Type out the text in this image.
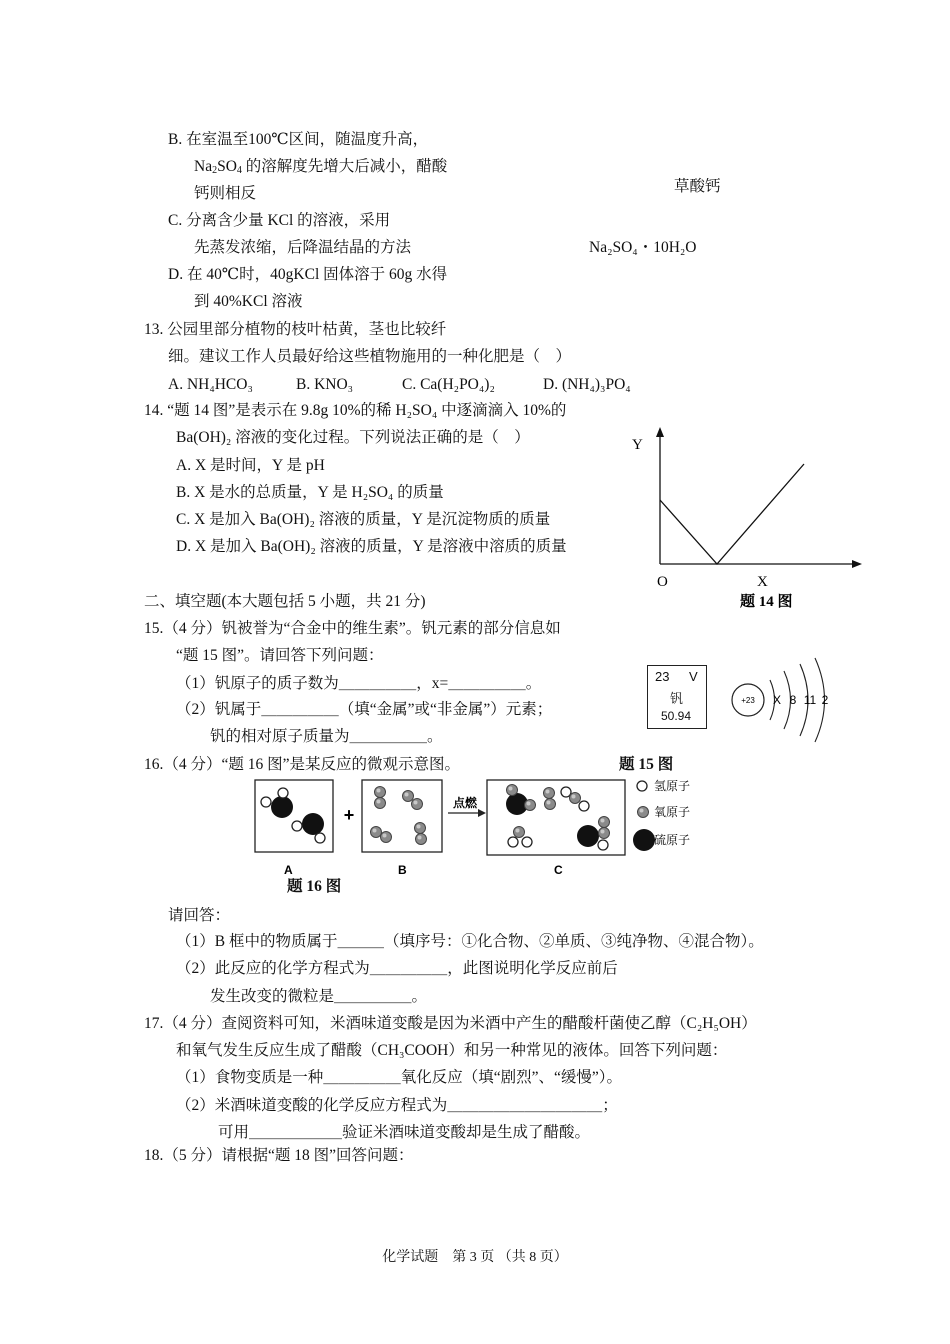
B. 在室温至100℃区间，随温度升高，
$Na_2SO_4$ 的溶解度先增大后减小，醋酸
钙则相反	草酸钙
C. 分离含少量 KCl 的溶液，采用
先蒸发浓缩，后降温结晶的方法	Na₂SO₄・10H₂O
D. 在 40℃时，40gKCl 固体溶于 60g 水得
到 40%KCl 溶液
13. 公园里部分植物的枝叶枯黄，茎也比较纤
细。建议工作人员最好给这些植物施用的一种化肥是（　）
A. NH₄HCO₃	B. KNO₃	C. Ca(H₂PO₄)₂	D. (NH₄)₃PO₄
14. “题 14 图”是表示在 9.8g 10%的稀 H₂SO₄ 中逐滴滴入 10%的
Ba(OH)₂ 溶液的变化过程。下列说法正确的是（　）
A. X 是时间，Y 是 pH
B. X 是水的总质量，Y 是 H₂SO₄ 的质量
C. X 是加入 Ba(OH)₂ 溶液的质量，Y 是沉淀物质的质量
D. X 是加入 Ba(OH)₂ 溶液的质量，Y 是溶液中溶质的质量
Y
O	X
题 14 图
二、填空题(本大题包括 5 小题，共 21 分)
15.（4 分）钒被誉为“合金中的维生素”。钒元素的部分信息如
“题 15 图”。请回答下列问题：
（1）钒原子的质子数为＿＿＿＿＿，x=＿＿＿＿＿。
（2）钒属于＿＿＿＿＿（填“金属”或“非金属”）元素；
钒的相对原子质量为＿＿＿＿＿。
23 V
钒
50.94
+23 X 8 11 2
16.（4 分）“题 16 图”是某反应的微观示意图。	题 15 图
+
点燃
氢原子
氧原子
硫原子
A	B	C
题 16 图
请回答：
（1）B 框中的物质属于＿＿＿（填序号：①化合物、②单质、③纯净物、④混合物）。
（2）此反应的化学方程式为＿＿＿＿＿，此图说明化学反应前后
发生改变的微粒是＿＿＿＿＿。
17.（4 分）查阅资料可知，米酒味道变酸是因为米酒中产生的醋酸杆菌使乙醇（C₂H₅OH）
和氧气发生反应生成了醋酸（CH₃COOH）和另一种常见的液体。回答下列问题：
（1）食物变质是一种＿＿＿＿＿氧化反应（填“剧烈”、“缓慢”）。
（2）米酒味道变酸的化学反应方程式为＿＿＿＿＿＿＿＿＿＿；
可用＿＿＿＿＿＿验证米酒味道变酸却是生成了醋酸。
18.（5 分）请根据“题 18 图”回答问题：
化学试题　第 3 页 （共 8 页）
